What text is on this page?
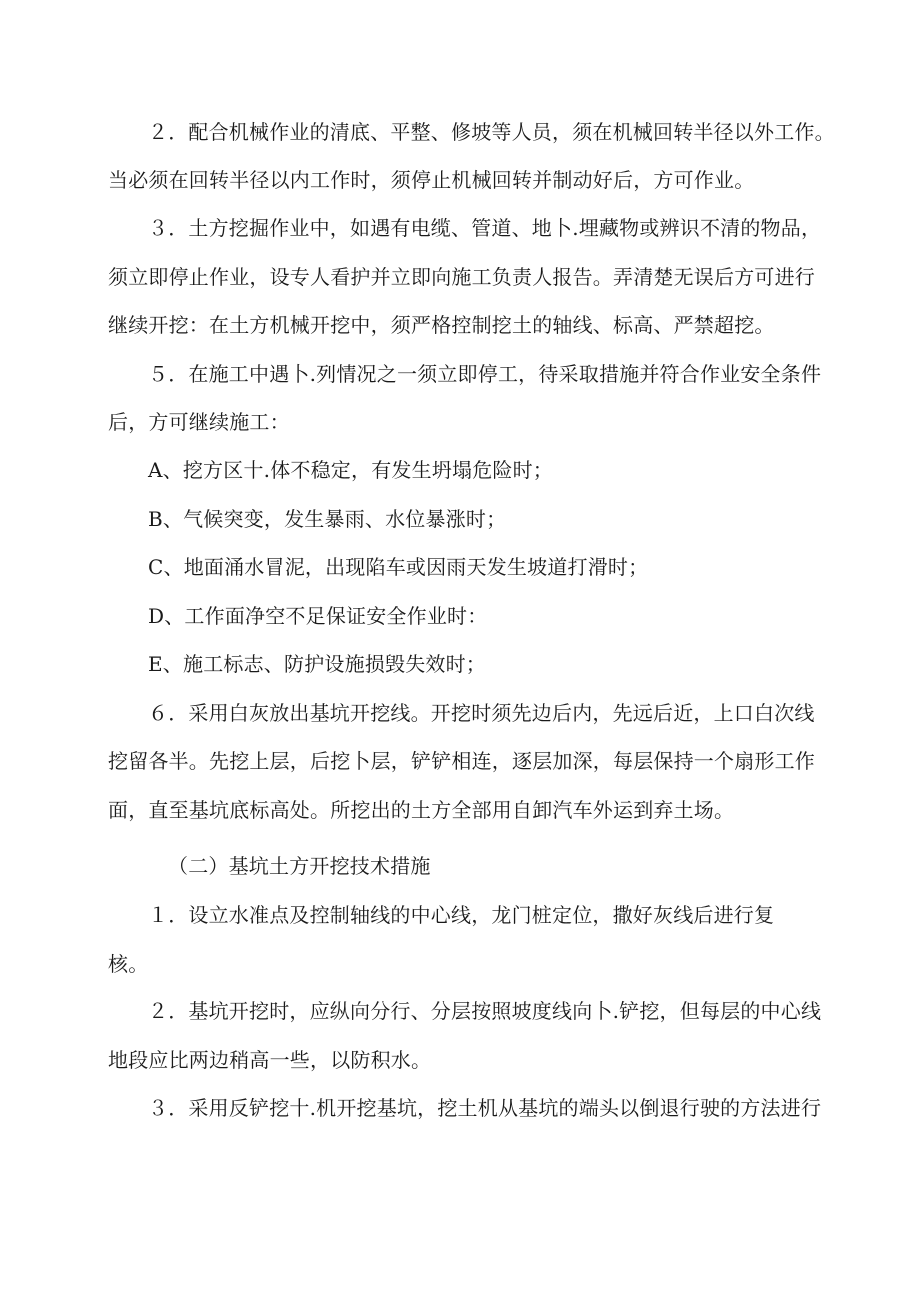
２．配合机械作业的清底、平整、修坡等人员，须在机械回转半径以外工作。
当必须在回转半径以内工作时，须停止机械回转并制动好后，方可作业。
３．土方挖掘作业中，如遇有电缆、管道、地卜.埋藏物或辨识不清的物品，
须立即停止作业，设专人看护并立即向施工负责人报告。弄清楚无误后方可进行
继续开挖：在土方机械开挖中，须严格控制挖土的轴线、标高、严禁超挖。
５．在施工中遇卜.列情况之一须立即停工，待采取措施并符合作业安全条件
后，方可继续施工：
A、挖方区十.体不稳定，有发生坍塌危险时；
B、气候突变，发生暴雨、水位暴涨时；
C、地面涌水冒泥，出现陷车或因雨天发生坡道打滑时；
D、工作面净空不足保证安全作业时：
E、施工标志、防护设施损毁失效时；
６．采用白灰放出基坑开挖线。开挖时须先边后内，先远后近，上口白次线
挖留各半。先挖上层，后挖卜层，铲铲相连，逐层加深，每层保持一个扇形工作
面，直至基坑底标高处。所挖出的土方全部用自卸汽车外运到弃土场。
（二）基坑土方开挖技术措施
１．设立水准点及控制轴线的中心线，龙门桩定位，撒好灰线后进行复
核。
２．基坑开挖时，应纵向分行、分层按照坡度线向卜.铲挖，但每层的中心线
地段应比两边稍高一些，以防积水。
３．采用反铲挖十.机开挖基坑，挖土机从基坑的端头以倒退行驶的方法进行
